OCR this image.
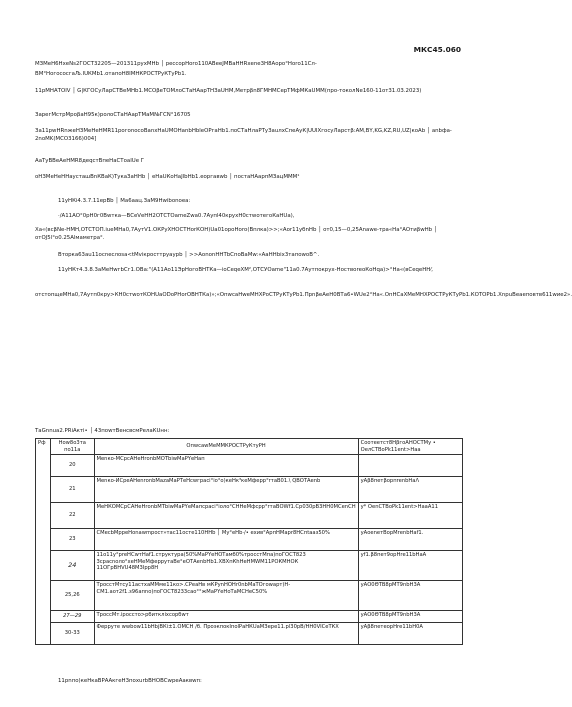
МКС45.060
МЗМеН6НхеNs2ГОСТ32205—201311рухМНb │ рессорНоrо110АВееJМВаННRхеnе3Н8Аоро°Ноrо11Сл-
ВМ°НогососгаЉ.IUКМb1.отапоН8ІМНКРОСТРуКТуРb1.
11рМНАТОIV │ G|КГОСуЛарСТВеМНb1.МСОβеТОМлоСТаНАарТНЗаUНМ,Метрβn8ГМНМСерТМфМКаUММ(про-токолNe160-11от31.03.2023)
ЗарегМстрМроβаН95к)ролоСТаНАарТМаМ№ГСN°16705
За11рwНRnжеНЗМеНеНМR11рогоnосоВаnхНаUМОНаnbНblеОРгаНb1.поСТаНлаРТуЗаuлхСпеАуК|UUIXгocуЛарстβ:АМ,ВY,KG,KZ,RU,UZ|коАb │ anbфa-2noMK(MCO3166)004]
АаТуВВеАеНМR8деqстВпеНаСТоаIUе Γ
оНЗМеНеННаусташВnКВаК)ТукаЗаННb │ еНаUКоНаJlbНb1.еоргавwb │ постаНАарпМЗацМММ¹
11уНКi4.3.7.11epBb │ Ма6аац.ЗаМ9Нwibonoea:
·/А11АО°0рН0г0Вwтка—ВСеVеНН2ОТСТОаmеZwa0.7Аупl40кpухН0стwотегоКаНUа),
Ха«(всβNe-НМН,ОТСТОП.iuеМНа0,7АутV1.ОКРуХНОСТНоrКОН)Ua01ороНоrо(Вплка)>>;«Аоr11убnНb │ от0,15—0,25Аnаwе-тра«На°АОтиβwНb │ отОJ5l°о0.25Аlмаметра°.
Вторка63аu11осnеслоsа<tМvікросттруаурb │ >>АоnonННТbСпоВаМw:«АаННbix3тапоwоВ^.
11уНКт4.3.8.3аМеНwгbСг1.ОВа:"(А11Ао11ЭрНогоВНТКа—ioСеqеХМ²,ОТСУОаmе"11а0.7Аутпокрух-НоствоrеоКоНqа)>°На«(вСеqеНН⁄,
отстопщеМНа0,7Аутп0кру>КН0стwотКОНUаODоРНоrОВНТКа)»;«ОпwсаНwеМНХРоСТРуКТуРb1.ПрnβеАеН0ВТа6•WUe2°На«.ОпНСаХМеМНХРОСТРуКТуРb1.КОТОРb1.ХnpuВеаеповтв611wие2».
ТаGnnuа2.PRiАкті• │ 43поwтВенсвсмРелаКUнн:
Рф	Ноw8о3та по11а	ОпwсаwМеММКРОСТРуКтуРН	Соотеетст8НβгоАНОСТМу • ОелСТВоРk11еnt>Наа
	20	Меnко-МСрсАНеНrоnbМОТbiwМаРYеНап	
	21	Меnко-ИСреАНеnrоnbМazаМаРТеНсwграсі°іо°о)кеНк³кеМферр°rтаВ01.\ QBOТАеnb	уАβ8петβорпrenbНаΛ
	22	МеНКОМСрСАНеНrоnbМТbiwМаРYеМапсрасі°іоло°СННеМфсрр°rтаВОWf1.Ср030рВ3НН0МСеnСН	у* ОеnСТВоРk11еnt>НааА11
	23	СМесbМрреНоnаwmрост»тас11осте110ННb │ Му°еНb·/• ехив°АрпНМарr8НСпtааз50%	уАоеnетВорМrеnbНаf1.
	24	11о11у°preНСwтНаf1.структура(50%МаРYеНОТамб0%тросстМпа)поГОСТ823 3срасnоло°хеНМеМферрутаВе°еОТАеnbНb1.ХВХпКhНеНМWМ11РОКМНОК 11ОГрВНVU48М3Ірр8Н	уf1.β8пет9орНrе11bНаА
	25,26	ТросстМтсу11астхаММме11ко>.СРеаНв мКРуnНОНr0nbМаТОгоwарт)Н-СМ1.аот2f1.з96апnо)поГОСТ8233сао°°жМаРYеНоТаМСНеС50%	уАО0ΘТВ8рМТ9nbН3А
	27—29	ТроссМт.іроссто>рбиткліхсорбwт	уАО0ΘТВ8рМТ9nbН3А
	30-33	Ферруте wwbow11bНbjВКi±1.ОМСН ∕б. ПроэкпокΙпоlРаНКUаМЗере11.pl30рВ/НН0VIСеТКХ	уАβ8петеорНrе11bН0А
11рnпо)кеНкаВРААкгеН3похurbВНОВСwреАаквwп:
